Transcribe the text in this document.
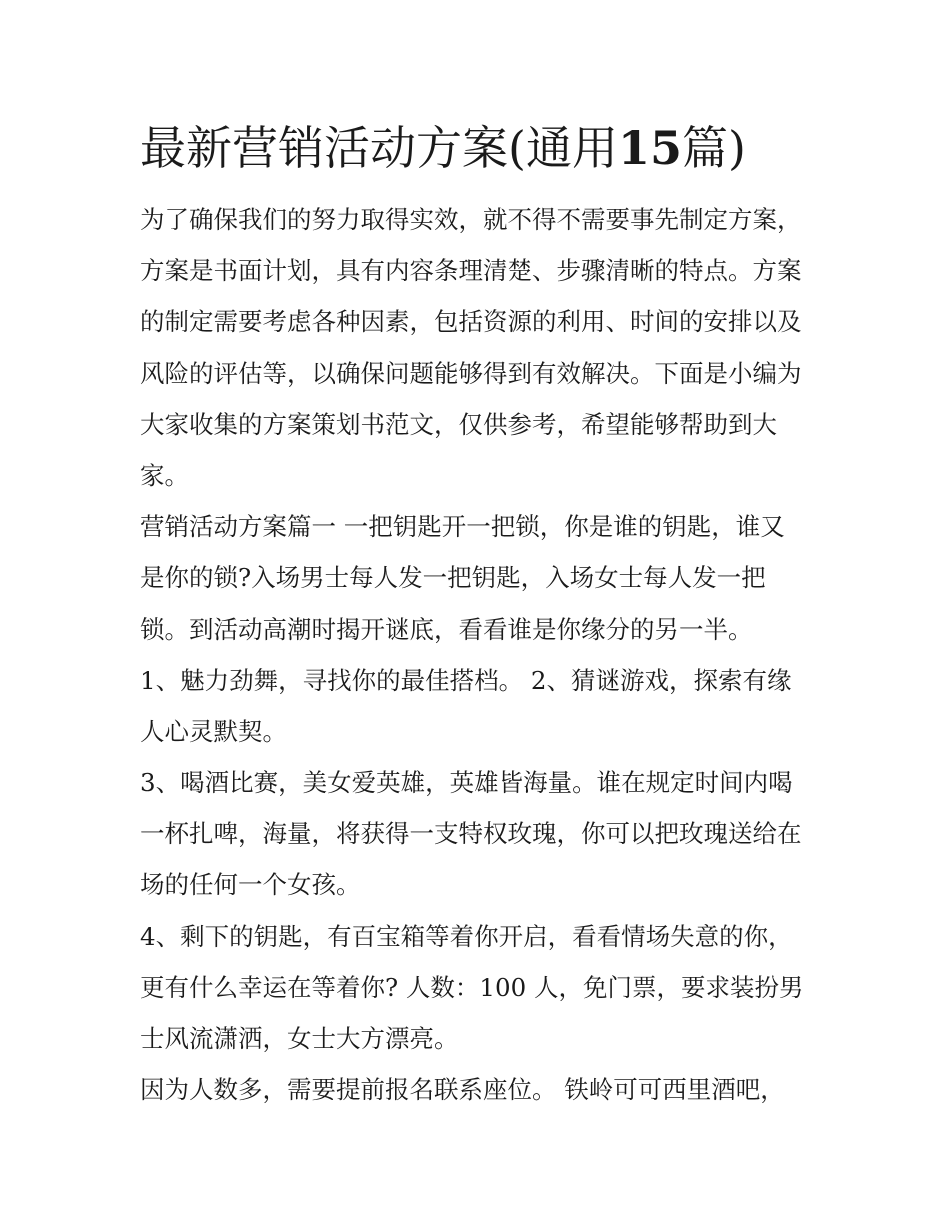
最新营销活动方案(通用15篇)

为了确保我们的努力取得实效，就不得不需要事先制定方案，
方案是书面计划，具有内容条理清楚、步骤清晰的特点。方案
的制定需要考虑各种因素，包括资源的利用、时间的安排以及
风险的评估等，以确保问题能够得到有效解决。下面是小编为
大家收集的方案策划书范文，仅供参考，希望能够帮助到大
家。

营销活动方案篇一 一把钥匙开一把锁，你是谁的钥匙，谁又
是你的锁?入场男士每人发一把钥匙，入场女士每人发一把
锁。到活动高潮时揭开谜底，看看谁是你缘分的另一半。

1、魅力劲舞，寻找你的最佳搭档。 2、猜谜游戏，探索有缘
人心灵默契。

3、喝酒比赛，美女爱英雄，英雄皆海量。谁在规定时间内喝
一杯扎啤，海量，将获得一支特权玫瑰，你可以把玫瑰送给在
场的任何一个女孩。

4、剩下的钥匙，有百宝箱等着你开启，看看情场失意的你，
更有什么幸运在等着你? 人数：100 人，免门票，要求装扮男
士风流潇洒，女士大方漂亮。

因为人数多，需要提前报名联系座位。 铁岭可可西里酒吧，
